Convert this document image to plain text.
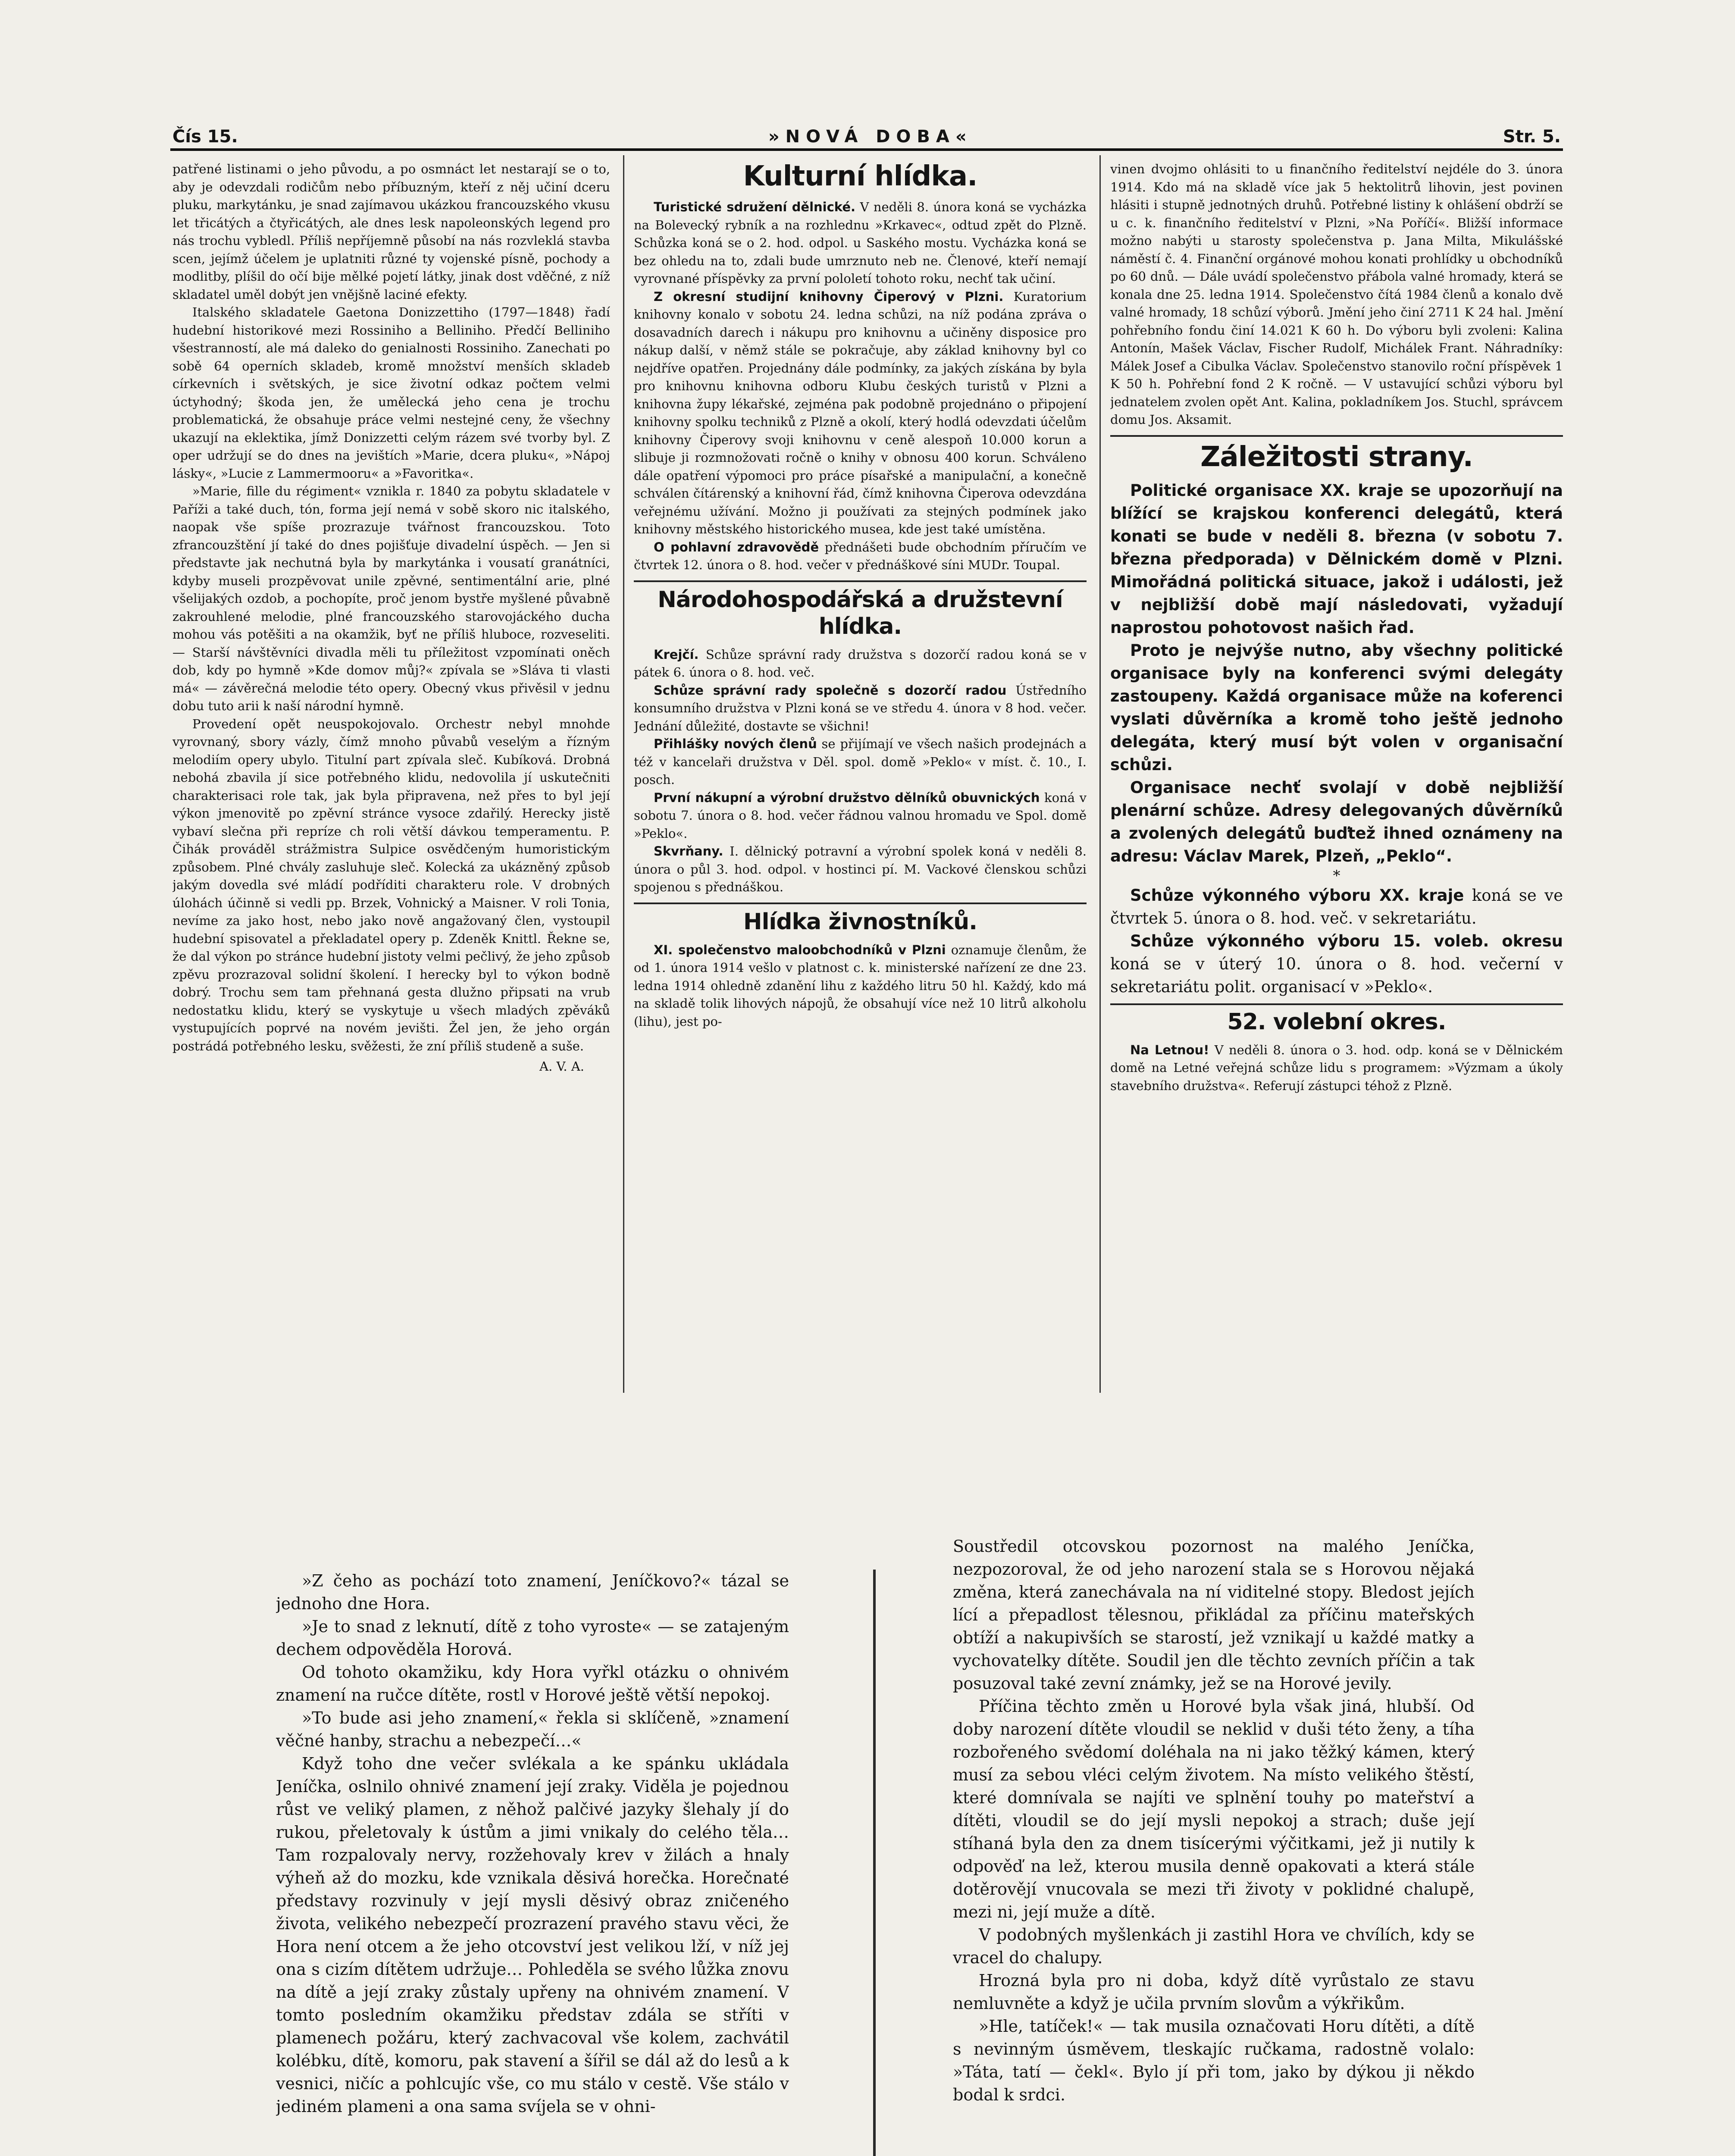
Čís 15.	»NOVÁ DOBA«	Str. 5.

patřené listinami o jeho původu, a po osmnáct let nestarají se o to, aby je odevzdali rodičům nebo příbuzným, kteří z něj učiní dceru pluku, markytánku, je snad zajímavou ukázkou francouzského vkusu let třicátých a čtyřicátých, ale dnes lesk napoleonských legend pro nás trochu vybledl. Příliš nepříjemně působí na nás rozvleklá stavba scen, jejímž účelem je uplatniti různé ty vojenské písně, pochody a modlitby, plíšil do očí bije mělké pojetí látky, jinak dost vděčné, z níž skladatel uměl dobýt jen vnějšně laciné efekty.

Italského skladatele Gaetona Donizzettiho (1797—1848) řadí hudební historikové mezi Rossiniho a Belliniho. Předčí Belliniho všestranností, ale má daleko do genialnosti Rossiniho. Zanechati po sobě 64 operních skladeb, kromě množství menších skladeb církevních i světských, je sice životní odkaz počtem velmi úctyhodný; škoda jen, že umělecká jeho cena je trochu problematická, že obsahuje práce velmi nestejné ceny, že všechny ukazují na eklektika, jímž Donizzetti celým rázem své tvorby byl. Z oper udržují se do dnes na jevištích »Marie, dcera pluku«, »Nápoj lásky«, »Lucie z Lammermooru« a »Favoritka«.

»Marie, fille du régiment« vznikla r. 1840 za pobytu skladatele v Paříži a také duch, tón, forma její nemá v sobě skoro nic italského, naopak vše spíše prozrazuje tvářnost francouzskou. Toto zfrancouzštění jí také do dnes pojišťuje divadelní úspěch. — Jen si představte jak nechutná byla by markytánka i vousatí granátníci, kdyby museli prozpěvovat unile zpěvné, sentimentální arie, plné všelijakých ozdob, a pochopíte, proč jenom bystře myšlené půvabně zakrouhlené melodie, plné francouzského starovojáckého ducha mohou vás potěšiti a na okamžik, byť ne příliš hluboce, rozveseliti. — Starší návštěvníci divadla měli tu příležitost vzpomínati oněch dob, kdy po hymně »Kde domov můj?« zpívala se »Sláva ti vlasti má« — závěrečná melodie této opery. Obecný vkus přivěsil v jednu dobu tuto arii k naší národní hymně.

Provedení opět neuspokojovalo. Orchestr nebyl mnohde vyrovnaný, sbory vázly, čímž mnoho půvabů veselým a řízným melodiím opery ubylo. Titulní part zpívala sleč. Kubíková. Drobná nebohá zbavila jí sice potřebného klidu, nedovolila jí uskutečniti charakterisaci role tak, jak byla připravena, než přes to byl její výkon jmenovitě po zpěvní stránce vysoce zdařilý. Herecky jistě vybaví slečna při repríze ch roli větší dávkou temperamentu. P. Čihák prováděl strážmistra Sulpice osvědčeným humoristickým způsobem. Plné chvály zasluhuje sleč. Kolecká za ukázněný způsob jakým dovedla své mládí podříditi charakteru role. V drobných úlohách účinně si vedli pp. Brzek, Vohnický a Maisner. V roli Tonia, nevíme za jako host, nebo jako nově angažovaný člen, vystoupil hudební spisovatel a překladatel opery p. Zdeněk Knittl. Řekne se, že dal výkon po stránce hudební jistoty velmi pečlivý, že jeho způsob zpěvu prozrazoval solidní školení. I herecky byl to výkon bodně dobrý. Trochu sem tam přehnaná gesta dlužno připsati na vrub nedostatku klidu, který se vyskytuje u všech mladých zpěváků vystupujících poprvé na novém jevišti. Žel jen, že jeho orgán postrádá potřebného lesku, svěžesti, že zní příliš studeně a suše.

A. V. A.
Kulturní hlídka.

Turistické sdružení dělnické. V neděli 8. února koná se vycházka na Bolevecký rybník a na rozhlednu »Krkavec«, odtud zpět do Plzně. Schůzka koná se o 2. hod. odpol. u Saského mostu. Vycházka koná se bez ohledu na to, zdali bude umrznuto neb ne. Členové, kteří nemají vyrovnané příspěvky za první pololetí tohoto roku, nechť tak učiní.

Z okresní studijní knihovny Čiperový v Plzni. Kuratorium knihovny konalo v sobotu 24. ledna schůzi, na níž podána zpráva o dosavadních darech i nákupu pro knihovnu a učiněny disposice pro nákup další, v němž stále se pokračuje, aby základ knihovny byl co nejdříve opatřen. Projednány dále podmínky, za jakých získána by byla pro knihovnu knihovna odboru Klubu českých turistů v Plzni a knihovna župy lékařské, zejména pak podobně projednáno o připojení knihovny spolku techniků z Plzně a okolí, který hodlá odevzdati účelům knihovny Čiperovy svoji knihovnu v ceně alespoň 10.000 korun a slibuje ji rozmnožovati ročně o knihy v obnosu 400 korun. Schváleno dále opatření výpomoci pro práce písařské a manipulační, a konečně schválen čítárenský a knihovní řád, čímž knihovna Čiperova odevzdána veřejnému užívání. Možno ji používati za stejných podmínek jako knihovny městského historického musea, kde jest také umístěna.

O pohlavní zdravovědě přednášeti bude obchodním příručím ve čtvrtek 12. února o 8. hod. večer v přednáškové síni MUDr. Toupal.

Národohospodářská a družstevní hlídka.

Krejčí. Schůze správní rady družstva s dozorčí radou koná se v pátek 6. února o 8. hod. več.

Schůze správní rady společně s dozorčí radou Ústředního konsumního družstva v Plzni koná se ve středu 4. února v 8 hod. večer. Jednání důležité, dostavte se všichni!

Přihlášky nových členů se přijímají ve všech našich prodejnách a též v kancelaři družstva v Děl. spol. domě »Peklo« v míst. č. 10., I. posch.

První nákupní a výrobní družstvo dělníků obuvnických koná v sobotu 7. února o 8. hod. večer řádnou valnou hromadu ve Spol. domě »Peklo«.

Skvrňany. I. dělnický potravní a výrobní spolek koná v neděli 8. února o půl 3. hod. odpol. v hostinci pí. M. Vackové členskou schůzi spojenou s přednáškou.

Hlídka živnostníků.

XI. společenstvo maloobchodníků v Plzni oznamuje členům, že od 1. února 1914 vešlo v platnost c. k. ministerské nařízení ze dne 23. ledna 1914 ohledně zdanění lihu z každého litru 50 hl. Každý, kdo má na skladě tolik lihových nápojů, že obsahují více než 10 litrů alkoholu (lihu), jest po-

vinen dvojmo ohlásiti to u finančního ředitelství nejdéle do 3. února 1914. Kdo má na skladě více jak 5 hektolitrů lihovin, jest povinen hlásiti i stupně jednotných druhů. Potřebné listiny k ohlášení obdrží se u c. k. finančního ředitelství v Plzni, »Na Poříčí«. Bližší informace možno nabýti u starosty společenstva p. Jana Milta, Mikulášské náměstí č. 4. Finanční orgánové mohou konati prohlídky u obchodníků po 60 dnů. — Dále uvádí společenstvo přábola valné hromady, která se konala dne 25. ledna 1914. Společenstvo čítá 1984 členů a konalo dvě valné hromady, 18 schůzí výborů. Jmění jeho činí 2711 K 24 hal. Jmění pohřebního fondu činí 14.021 K 60 h. Do výboru byli zvoleni: Kalina Antonín, Mašek Václav, Fischer Rudolf, Michálek Frant. Náhradníky: Málek Josef a Cibulka Václav. Společenstvo stanovilo roční příspěvek 1 K 50 h. Pohřební fond 2 K ročně. — V ustavující schůzi výboru byl jednatelem zvolen opět Ant. Kalina, pokladníkem Jos. Stuchl, správcem domu Jos. Aksamit.

Záležitosti strany.

Politické organisace XX. kraje se upozorňují na blížící se krajskou konferenci delegátů, která konati se bude v neděli 8. března (v sobotu 7. března předporada) v Dělnickém domě v Plzni. Mimořádná politická situace, jakož i události, jež v nejbližší době mají následovati, vyžadují naprostou pohotovost našich řad.

Proto je nejvýše nutno, aby všechny politické organisace byly na konferenci svými delegáty zastoupeny. Každá organisace může na koferenci vyslati důvěrníka a kromě toho ještě jednoho delegáta, který musí být volen v organisační schůzi.

Organisace nechť svolají v době nejbližší plenární schůze. Adresy delegovaných důvěrníků a zvolených delegátů buďtež ihned oznámeny na adresu: Václav Marek, Plzeň, „Peklo“.

*

Schůze výkonného výboru XX. kraje koná se ve čtvrtek 5. února o 8. hod. več. v sekretariátu.

Schůze výkonného výboru 15. voleb. okresu koná se v úterý 10. února o 8. hod. večerní v sekretariátu polit. organisací v »Peklo«.

52. volební okres.

Na Letnou! V neděli 8. února o 3. hod. odp. koná se v Dělnickém domě na Letné veřejná schůze lidu s programem: »Výzmam a úkoly stavebního družstva«. Referují zástupci téhož z Plzně.

»Z čeho as pochází toto znamení, Jeníčkovo?« tázal se jednoho dne Hora.

»Je to snad z leknutí, dítě z toho vyroste« — se zatajeným dechem odpověděla Horová.

Od tohoto okamžiku, kdy Hora vyřkl otázku o ohnivém znamení na ručce dítěte, rostl v Horové ještě větší nepokoj.

»To bude asi jeho znamení,« řekla si sklíčeně, »znamení věčné hanby, strachu a nebezpečí…«

Když toho dne večer svlékala a ke spánku ukládala Jeníčka, oslnilo ohnivé znamení její zraky. Viděla je pojednou růst ve veliký plamen, z něhož palčivé jazyky šlehaly jí do rukou, přeletovaly k ústům a jimi vnikaly do celého těla… Tam rozpalovaly nervy, rozžehovaly krev v žilách a hnaly výheň až do mozku, kde vznikala děsivá horečka. Horečnaté představy rozvinuly v její mysli děsivý obraz zničeného života, velikého nebezpečí prozrazení pravého stavu věci, že Hora není otcem a že jeho otcovství jest velikou lží, v níž jej ona s cizím dítětem udržuje… Pohleděla se svého lůžka znovu na dítě a její zraky zůstaly upřeny na ohnivém znamení. V tomto posledním okamžiku představ zdála se stříti v plamenech požáru, který zachvacoval vše kolem, zachvátil kolébku, dítě, komoru, pak stavení a šířil se dál až do lesů a k vesnici, ničíc a pohlcujíc vše, co mu stálo v cestě. Vše stálo v jediném plameni a ona sama svíjela se v ohni-

Soustředil otcovskou pozornost na malého Jeníčka, nezpozoroval, že od jeho narození stala se s Horovou nějaká změna, která zanechávala na ní viditelné stopy. Bledost jejích lící a přepadlost tělesnou, přikládal za příčinu mateřských obtíží a nakupivších se starostí, jež vznikají u každé matky a vychovatelky dítěte. Soudil jen dle těchto zevních příčin a tak posuzoval také zevní známky, jež se na Horové jevily.

Příčina těchto změn u Horové byla však jiná, hlubší. Od doby narození dítěte vloudil se neklid v duši této ženy, a tíha rozbořeného svědomí doléhala na ni jako těžký kámen, který musí za sebou vléci celým životem. Na místo velikého štěstí, které domnívala se najíti ve splnění touhy po mateřství a dítěti, vloudil se do její mysli nepokoj a strach; duše její stíhaná byla den za dnem tisícerými výčitkami, jež ji nutily k odpověď na lež, kterou musila denně opakovati a která stále dotěrovějí vnucovala se mezi tři životy v poklidné chalupě, mezi ni, její muže a dítě.

V podobných myšlenkách ji zastihl Hora ve chvílích, kdy se vracel do chalupy.

Hrozná byla pro ni doba, když dítě vyrůstalo ze stavu nemluvněte a když je učila prvním slovům a výkřikům.

»Hle, tatíček!« — tak musila označovati Horu dítěti, a dítě s nevinným úsměvem, tleskajíc ručkama, radostně volalo: »Táta, tatí — čekl«. Bylo jí při tom, jako by dýkou ji někdo bodal k srdci.
